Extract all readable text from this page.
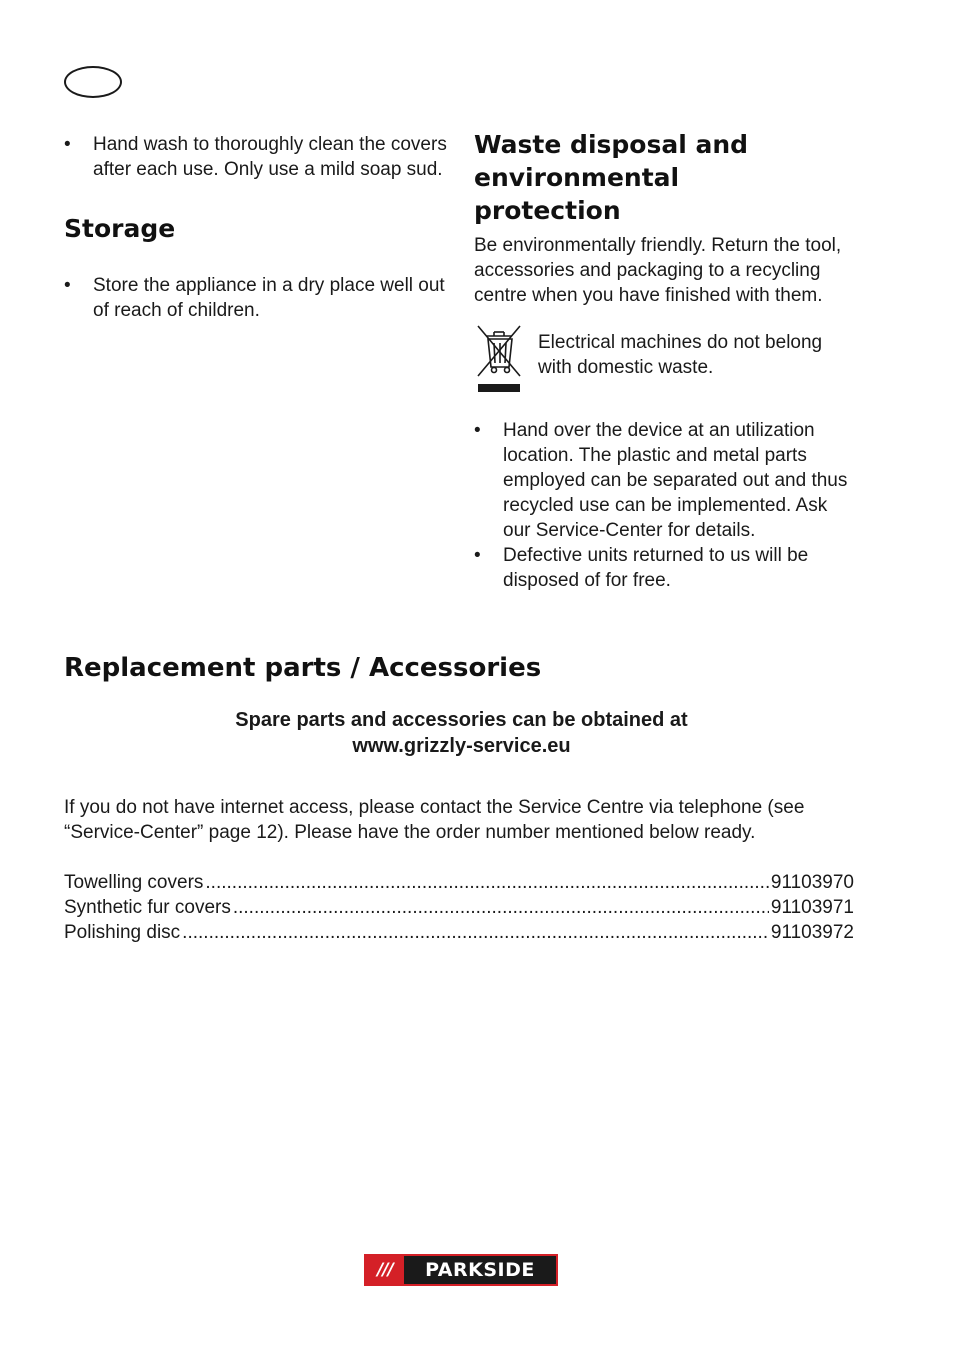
• Hand wash to thoroughly clean the covers after each use. Only use a mild soap sud.
Storage
• Store the appliance in a dry place well out of reach of children.
Waste disposal and environmental protection

Be environmentally friendly. Return the tool, accessories and packaging to a recycling centre when you have finished with them.

Electrical machines do not belong with domestic waste.

• Hand over the device at an utilization location. The plastic and metal parts employed can be separated out and thus recycled use can be implemented. Ask our Service-Center for details.
• Defective units returned to us will be disposed of for free.
Replacement parts / Accessories
Spare parts and accessories can be obtained at
www.grizzly-service.eu

If you do not have internet access, please contact the Service Centre via telephone (see “Service-Center” page 12). Please have the order number mentioned below ready.

Towelling covers .....	91103970
Synthetic fur covers .....	91103971
Polishing disc .....	91103972
///	PARKSIDE
